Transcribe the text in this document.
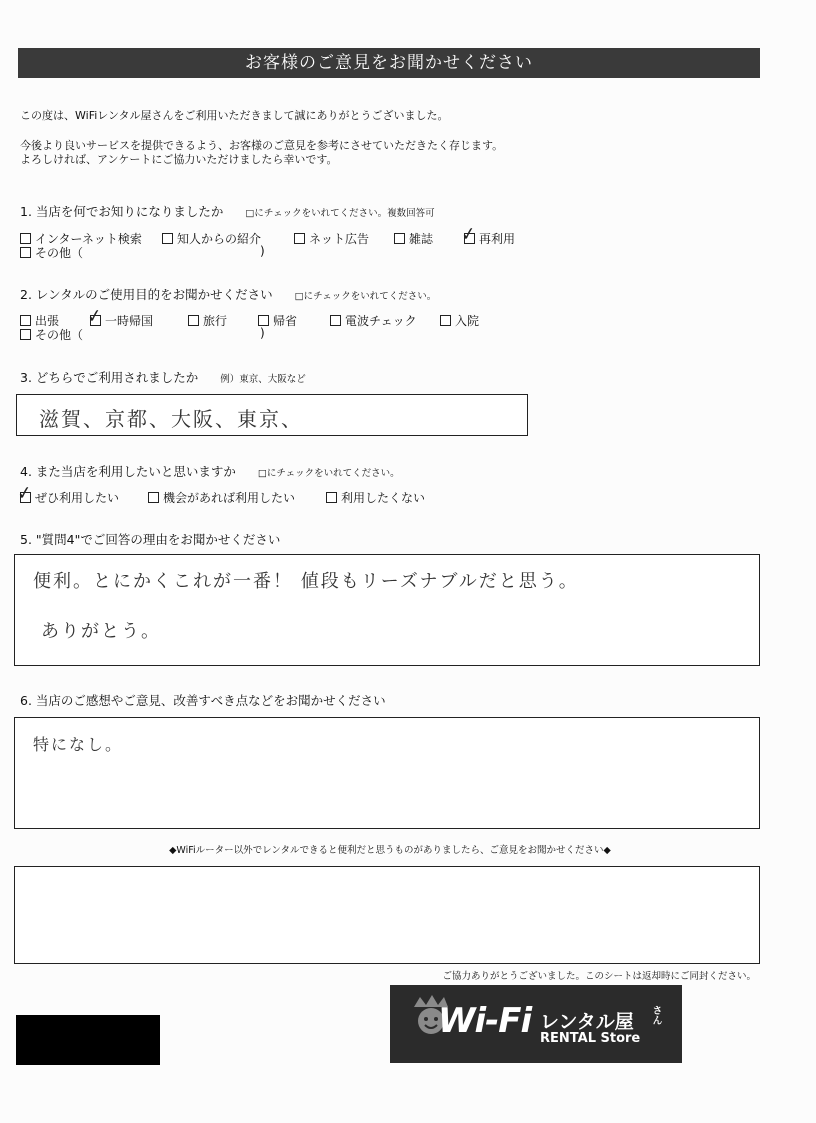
お客様のご意見をお聞かせください
この度は、WiFiレンタル屋さんをご利用いただきまして誠にありがとうございました。
今後より良いサービスを提供できるよう、お客様のご意見を参考にさせていただきたく存じます。
よろしければ、アンケートにご協力いただけましたら幸いです。
1. 当店を何でお知りになりましたか □にチェックをいれてください。複数回答可
インターネット検索	知人からの紹介	ネット広告	雑誌 ✓ 再利用
その他（	)
2. レンタルのご使用目的をお聞かせください □にチェックをいれてください。
出張 ✓ 一時帰国	旅行	帰省	電波チェック	入院
その他（	)
3. どちらでご利用されましたか 例）東京、大阪など
滋賀、京都、大阪、東京、
4. また当店を利用したいと思いますか □にチェックをいれてください。
✓ ぜひ利用したい	機会があれば利用したい	利用したくない
5. "質問4"でご回答の理由をお聞かせください
便利。とにかくこれが一番！ 値段もリーズナブルだと思う。
ありがとう。
6. 当店のご感想やご意見、改善すべき点などをお聞かせください
特になし。
◆WiFiルーター以外でレンタルできると便利だと思うものがありましたら、ご意見をお聞かせください◆
ご協力ありがとうございました。このシートは返却時にご同封ください。
Wi-Fi レンタル屋 さん
RENTAL Store
